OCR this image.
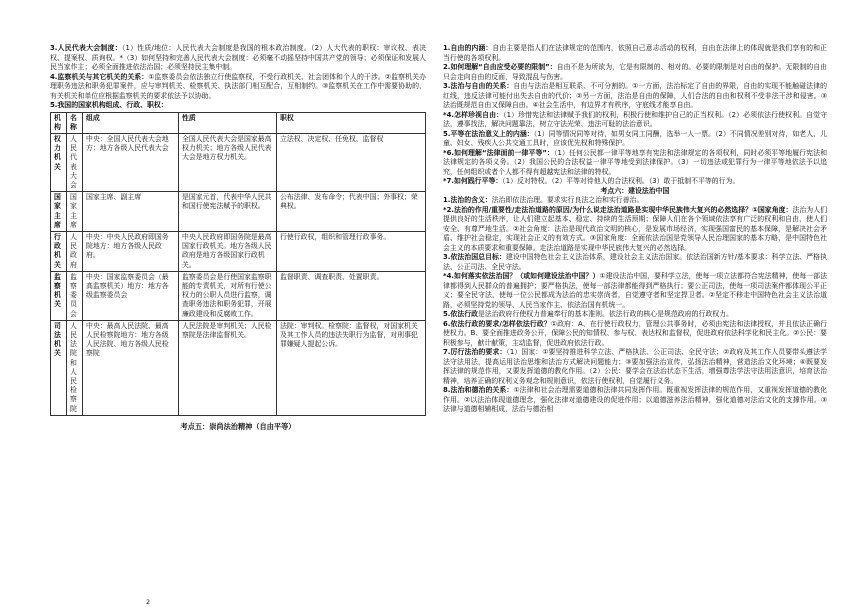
3.人民代表大会制度：（1）性质/地位：人民代表大会制度是我国的根本政治制度。（2）人大代表的职权：审议权、表决权、提案权、质询权。*（3）如何坚持和完善人民代表大会制度：必须毫不动摇坚持中国共产党的领导；必须保证和发展人民当家作主；必须全面推进依法治国；必须坚持民主集中制。

4.监察机关与其它机关的关系：①监察委员会依法独立行使监察权，不受行政机关、社会团体和个人的干涉。②监察机关办理职务违法和职务犯罪案件，应与审判机关、检察机关、执法部门相互配合，互相制约。③监察机关在工作中需要协助的，有关机关和单位应根据监察机关的要求依法予以协助。

5.我国的国家机构组成、行政、职权：

机构	名称	组成	性质	职权
权力机关	人民代表大会	中央：全国人民代表大会地方：地方各级人民代表大会	全国人民代表大会是国家最高权力机关；地方各级人民代表大会是地方权力机关。	立法权、决定权、任免权、监督权
国家主席	国家主席	国家主席、副主席	是国家元首，代表中华人民共和国行使宪法赋予的职权。	公布法律、发布命令；代表中国；外事权；荣典权。
行政机关	人民政府	中央：中央人民政府即国务院地方：地方各级人民政府。	中央人民政府即国务院是最高国家行政机关。地方各级人民政府是地方各级国家行政机关。	行使行政权，组织和管理行政事务。
监察机关	监察委员会	中央：国家监察委员会（最高监察机关）地方：地方各级监察委员会	监察委员会是行使国家监察职能的专责机关，对所有行使公权力的公职人员进行监察，调查职务违法和职务犯罪，开展廉政建设和反腐败工作。	监督职责、调查职责、处置职责。
司法机关	人民法院和人民检察院	中央：最高人民法院、最高人民检察院地方：地方各级人民法院、地方各级人民检察院	人民法院是审判机关；人民检察院是法律监督机关。	法院：审判权。检察院：监督权，对国家机关及其工作人员的违法失职行为监督，对刑事犯罪嫌疑人提起公诉。

考点五：崇尚法治精神（自由平等）

2

1.自由的内涵：自由主要是指人们在法律规定的范围内，依照自己意志活动的权利，自由在法律上的体现就是我们享有的和正当行使的各项权利。

2.如何理解“自由应受必要的限制”：自由不是为所欲为，它是有限制的、相对的。必要的限制是对自由的保护。无限制的自由只会走向自由的反面，导致混乱与伤害。

3.法治与自由的关系：自由与法治是相互联系、不可分割的。①一方面，法治标定了自由的界限，自由的实现不能触碰法律的红线，违反法律可能付出失去自由的代价；②另一方面，法治是自由的保障，人们合法的自由和权利不受非法干涉和侵害。③法治既规范自由又保障自由。④社会生活中，有边界才有秩序，守底线才能享自由。

*4.怎样珍视自由：（1）珍惜宪法和法律赋予我们的权利，积极行使和维护自己的正当权利。（2）必须依法行使权利。自觉守法，遵事找法，解决问题靠法，树立守法光荣、违法可耻的法治意识。

5.平等在法治意义上的内涵：（1）同等情况同等对待，如男女同工同酬，选举一人一票。（2）不同情况差别对待，如老人、儿童、妇女、残疾人公共交通工具时，应该优先权和特殊保护。

*6.如何理解“法律面前一律平等”：（1）任何公民都一律平等地享有宪法和法律规定的各项权利，同时必须平等地履行宪法和法律规定的各项义务。（2）我国公民的合法权益一律平等地受到法律保护。（3）一切违法或犯罪行为一律平等地依法予以追究，任何组织或者个人都不得有超越宪法和法律的特权。

*7.如何践行平等：（1）反对特权。（2）平等对待他人的合法权利。（3）敢于抵制不平等的行为。

考点六：建设法治中国

1.法治的含义：法治即依法治理。要求实行良法之治和实行善治。

*2.法治的作用/重要性/走法治道路的原因/为什么说走法治道路是实现中华民族伟大复兴的必然选择？①国家角度：法治为人们提供良好的生活秩序，让人们建立起基本、稳定、持续的生活预期；保障人们在各个领域依法享有广泛的权利和自由，使人们安全、有尊严地生活。②社会角度：法治是现代政治文明的核心，是发展市场经济，实现强国富民的基本保障，是解决社会矛盾、维护社会稳定，实现社会正义的有效方式。③国家角度：全面依法治国是党领导人民治理国家的基本方略，是中国特色社会主义的本质要求和重要保障。走法治道路是实现中华民族伟大复兴的必然选择。

3.依法治国总目标：建设中国特色社会主义法治体系，建设社会主义法治国家。依法治国新方针/基本要求：科学立法、严格执法、公正司法、全民守法。

*4.如何落实依法治国？（或如何建设法治中国？）①建设法治中国，要科学立法，使每一项立法都符合宪法精神，使每一部法律都得到人民群众的普遍拥护；要严格执法，使每一部法律都能得到严格执行；要公正司法，使每一项司法案件都体现公平正义；要全民守法，使每一位公民都成为法治的忠实崇尚者，自觉遵守者和坚定捍卫者。②坚定不移走中国特色社会主义法治道路，必须坚持党的领导、人民当家作主、依法治国有机统一。

5.依法行政是法治政府行使权力普遍奉行的基本准则。依法行政的核心是规范政府的行政权力。

6.依法行政的要求/怎样依法行政？①政府：A、在行使行政权力，管理公共事务时，必须由宪法和法律授权，并且依法正确行使权力。B、要全面推进政务公开，保障公民的知情权、参与权、表达权和监督权，促进政府依法科学化和民主化。②公民：要积极参与，献计献策，主动监督，促进政府依法行政。

7.厉行法治的要求：（1）国家：①要坚持推进科学立法、严格执法、公正司法、全民守法；②政府及其工作人员要带头遵法学法守法用法，提高运用法治思维和法治方式解决问题能力；③要加强法治宣传，弘扬法治精神，营造法治文化环境；④既要发挥法律的规范作用，又要发挥道德的教化作用。（2）公民：要学会在法治状态下生活，增强尊法学法守法用法意识，培育法治精神，培养正确的权利义务观念和规则意识，依法行使权利，自觉履行义务。

8.法治和德治的关系：①法律和社会治理需要道德和法律共同发挥作用。既重视发挥法律的规范作用，又重视发挥道德的教化作用。②以法治体现道德理念，强化法律对道德建设的促进作用；以道德滋养法治精神，强化道德对法治文化的支撑作用。③法律与道德相辅相成，法治与德治相
